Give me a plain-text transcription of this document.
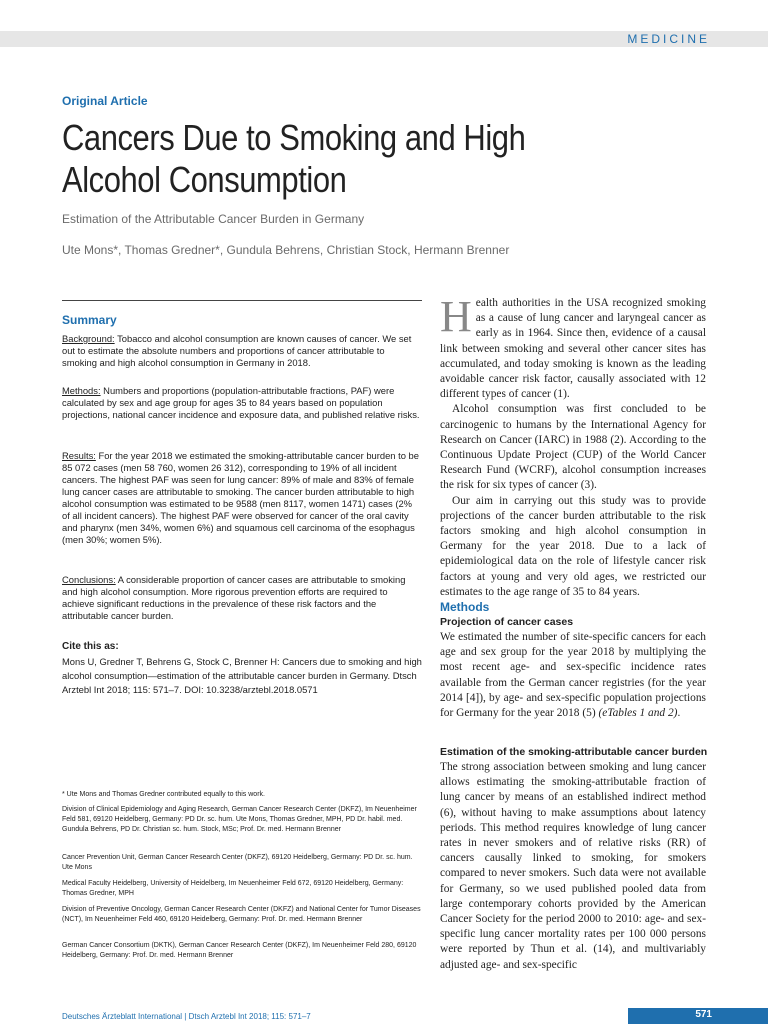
MEDICINE
Original Article
Cancers Due to Smoking and High Alcohol Consumption
Estimation of the Attributable Cancer Burden in Germany
Ute Mons*, Thomas Gredner*, Gundula Behrens, Christian Stock, Hermann Brenner
Summary
Background: Tobacco and alcohol consumption are known causes of cancer. We set out to estimate the absolute numbers and proportions of cancer attributable to smoking and high alcohol consumption in Germany in 2018.
Methods: Numbers and proportions (population-attributable fractions, PAF) were calculated by sex and age group for ages 35 to 84 years based on population projections, national cancer incidence and exposure data, and published relative risks.
Results: For the year 2018 we estimated the smoking-attributable cancer burden to be 85 072 cases (men 58 760, women 26 312), corresponding to 19% of all incident cancers. The highest PAF was seen for lung cancer: 89% of male and 83% of female lung cancer cases are attributable to smoking. The cancer burden attributable to high alcohol consumption was estimated to be 9588 (men 8117, women 1471) cases (2% of all incident cancers). The highest PAF were observed for cancer of the oral cavity and pharynx (men 34%, women 6%) and squamous cell carcinoma of the esophagus (men 30%; women 5%).
Conclusions: A considerable proportion of cancer cases are attributable to smoking and high alcohol consumption. More rigorous prevention efforts are required to achieve significant reductions in the prevalence of these risk factors and the attributable cancer burden.
Cite this as:
Mons U, Gredner T, Behrens G, Stock C, Brenner H: Cancers due to smoking and high alcohol consumption—estimation of the attributable cancer burden in Germany. Dtsch Arztebl Int 2018; 115: 571–7. DOI: 10.3238/arztebl.2018.0571
* Ute Mons and Thomas Gredner contributed equally to this work.
Division of Clinical Epidemiology and Aging Research, German Cancer Research Center (DKFZ), Im Neuenheimer Feld 581, 69120 Heidelberg, Germany: PD Dr. sc. hum. Ute Mons, Thomas Gredner, MPH, PD Dr. habil. med. Gundula Behrens, PD Dr. Christian sc. hum. Stock, MSc; Prof. Dr. med. Hermann Brenner
Cancer Prevention Unit, German Cancer Research Center (DKFZ), 69120 Heidelberg, Germany: PD Dr. sc. hum. Ute Mons
Medical Faculty Heidelberg, University of Heidelberg, Im Neuenheimer Feld 672, 69120 Heidelberg, Germany: Thomas Gredner, MPH
Division of Preventive Oncology, German Cancer Research Center (DKFZ) and National Center for Tumor Diseases (NCT), Im Neuenheimer Feld 460, 69120 Heidelberg, Germany: Prof. Dr. med. Hermann Brenner
German Cancer Consortium (DKTK), German Cancer Research Center (DKFZ), Im Neuenheimer Feld 280, 69120 Heidelberg, Germany: Prof. Dr. med. Hermann Brenner

Health authorities in the USA recognized smoking as a cause of lung cancer and laryngeal cancer as early as in 1964. Since then, evidence of a causal link between smoking and several other cancer sites has accumulated, and today smoking is known as the leading avoidable cancer risk factor, causally associated with 12 different types of cancer (1).

Alcohol consumption was first concluded to be carcinogenic to humans by the International Agency for Research on Cancer (IARC) in 1988 (2). According to the Continuous Update Project (CUP) of the World Cancer Research Fund (WCRF), alcohol consumption increases the risk for six types of cancer (3).

Our aim in carrying out this study was to provide projections of the cancer burden attributable to the risk factors smoking and high alcohol consumption in Germany for the year 2018. Due to a lack of epidemiological data on the role of lifestyle cancer risk factors at young and very old ages, we restricted our estimates to the age range of 35 to 84 years.

Methods
Projection of cancer cases

We estimated the number of site-specific cancers for each age and sex group for the year 2018 by multiplying the most recent age- and sex-specific incidence rates available from the German cancer registries (for the year 2014 [4]), by age- and sex-specific population projections for Germany for the year 2018 (5) (eTables 1 and 2).

Estimation of the smoking-attributable cancer burden

The strong association between smoking and lung cancer allows estimating the smoking-attributable fraction of lung cancer by means of an established indirect method (6), without having to make assumptions about latency periods. This method requires knowledge of lung cancer rates in never smokers and of relative risks (RR) of cancers causally linked to smoking, for smokers compared to never smokers. Such data were not available for Germany, so we used published pooled data from large contemporary cohorts provided by the American Cancer Society for the period 2000 to 2010: age- and sex-specific lung cancer mortality rates per 100 000 persons were reported by Thun et al. (14), and multivariably adjusted age- and sex-specific

Deutsches Ärzteblatt International | Dtsch Arztebl Int 2018; 115: 571–7	571
